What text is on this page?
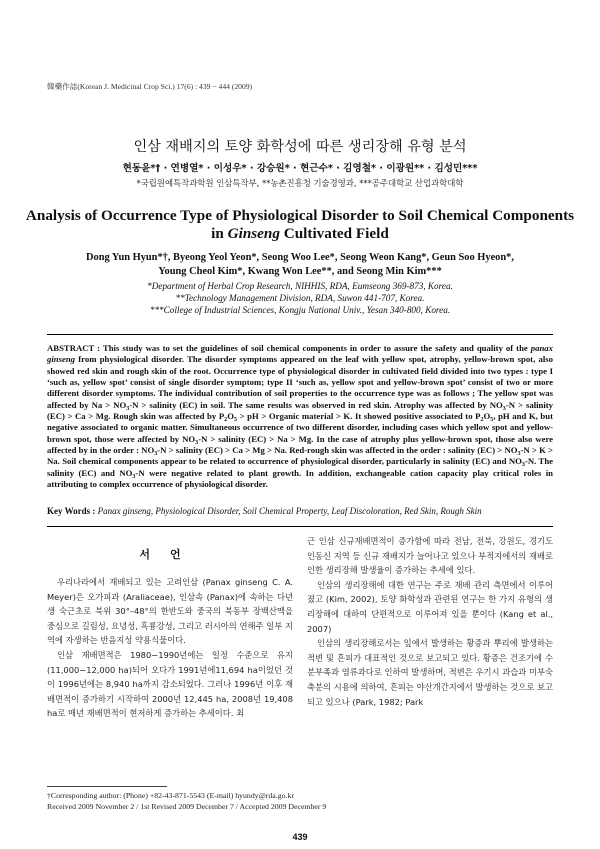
韓藥作誌(Korean J. Medicinal Crop Sci.) 17(6) : 439 − 444 (2009)
인삼 재배지의 토양 화학성에 따른 생리장해 유형 분석
현동윤*† · 연병열* · 이성우* · 강승원* · 현근수* · 김영철* · 이광원** · 김성민***
*국립원예특작과학원 인삼특작부, **농촌진흥청 기술경영과, ***공주대학교 산업과학대학
Analysis of Occurrence Type of Physiological Disorder to Soil Chemical Components
in Ginseng Cultivated Field
Dong Yun Hyun*†, Byeong Yeol Yeon*, Seong Woo Lee*, Seong Weon Kang*, Geun Soo Hyeon*,
Young Cheol Kim*, Kwang Won Lee**, and Seong Min Kim***
*Department of Herbal Crop Research, NIHHIS, RDA, Eumseong 369-873, Korea.
**Technology Management Division, RDA, Suwon 441-707, Korea.
***College of Industrial Sciences, Kongju National Univ., Yesan 340-800, Korea.

ABSTRACT : This study was to set the guidelines of soil chemical components in order to assure the safety and quality of the panax ginseng from physiological disorder. The disorder symptoms appeared on the leaf with yellow spot, atrophy, yellow-brown spot, also showed red skin and rough skin of the root. Occurrence type of physiological disorder in cultivated field divided into two types : type I ‘such as, yellow spot’ consist of single disorder symptom; type II ‘such as, yellow spot and yellow-brown spot’ consist of two or more different disorder symptoms. The individual contribution of soil properties to the occurrence type was as follows ; The yellow spot was affected by $Na > NO_3-N$ > salinity (EC) in soil. The same results was observed in red skin. Atrophy was affected by $NO_3-N$ > salinity (EC) > Ca > Mg. Rough skin was affected by $P_2O_5$ > pH > Organic material > K. It showed positive associated to $P_2O_5$, pH and K, but negative associated to organic matter. Simultaneous occurrence of two different disorder, including cases which yellow spot and yellow-brown spot, those were affected by $NO_3-N$ > salinity (EC) > Na > Mg. In the case of atrophy plus yellow-brown spot, those also were affected by in the order : $NO_3-N$ > salinity (EC) > Ca > Mg > Na. Red-rough skin was affected in the order : salinity $(EC) > NO_3-N > K > Na$. Soil chemical components appear to be related to occurrence of physiological disorder, particularly in salinity (EC) and $NO_3-N$. The salinity (EC) and $NO_3-N$ were negative related to plant growth. In addition, exchangeable cation capacity play critical roles in attributing to complex occurrence of physiological disorder.

Key Words : Panax ginseng, Physiological Disorder, Soil Chemical Property, Leaf Discoloration, Red Skin, Rough Skin

서언

우리나라에서 재배되고 있는 고려인삼 (Panax ginseng C. A. Meyer)은 오가피과 (Araliaceae), 인삼속 (Panax)에 속하는 다년생 숙근초로 북위 30°–48°의 한반도와 중국의 북동부 장백산맥을 중심으로 길림성, 요녕성, 흑룡강성, 그리고 러시아의 연해주 일부 지역에 자생하는 반음지성 약용식물이다.

인삼 재배면적은 1980−1990년에는 일정 수준으로 유지 (11,000−12,000 ha)되어 오다가 1991년에11,694 ha이었던 것이 1996년에는 8,940 ha까지 감소되었다. 그러나 1996년 이후 재배면적이 증가하기 시작하여 2000년 12,445 ha, 2008년 19,408 ha로 매년 재배면적이 현저하게 증가하는 추세이다. 최

근 인삼 신규재배면적이 증가함에 따라 전남, 전북, 강원도, 경기도 인동신 지역 등 신규 재배지가 늘어나고 있으나 부적지에서의 재배로 인한 생리장해 발생율이 증가하는 추세에 있다.

인삼의 생리장해에 대한 연구는 주로 재배 관리 측면에서 이루어졌고 (Kim, 2002), 토양 화학성과 관련된 연구는 한 가지 유형의 생리장해에 대하여 단편적으로 이루어져 있을 뿐이다 (Kang et al., 2007)

인삼의 생리장해로서는 잎에서 발생하는 황증과 뿌리에 발생하는 적변 및 흔피가 대표적인 것으로 보고되고 있다. 황증은 건조기에 수분부족과 염류과다로 인하여 발생하며, 적변은 우기시 과습과 미부숙 축분의 시용에 의하여, 흔피는 야산개간지에서 발생하는 것으로 보고되고 있으나 (Park, 1982; Park

†Corresponding author: (Phone) +82-43-871-5543 (E-mail) hyundy@rda.go.kr
Received 2009 November 2 / 1st Revised 2009 December 7 / Accepted 2009 December 9
439
